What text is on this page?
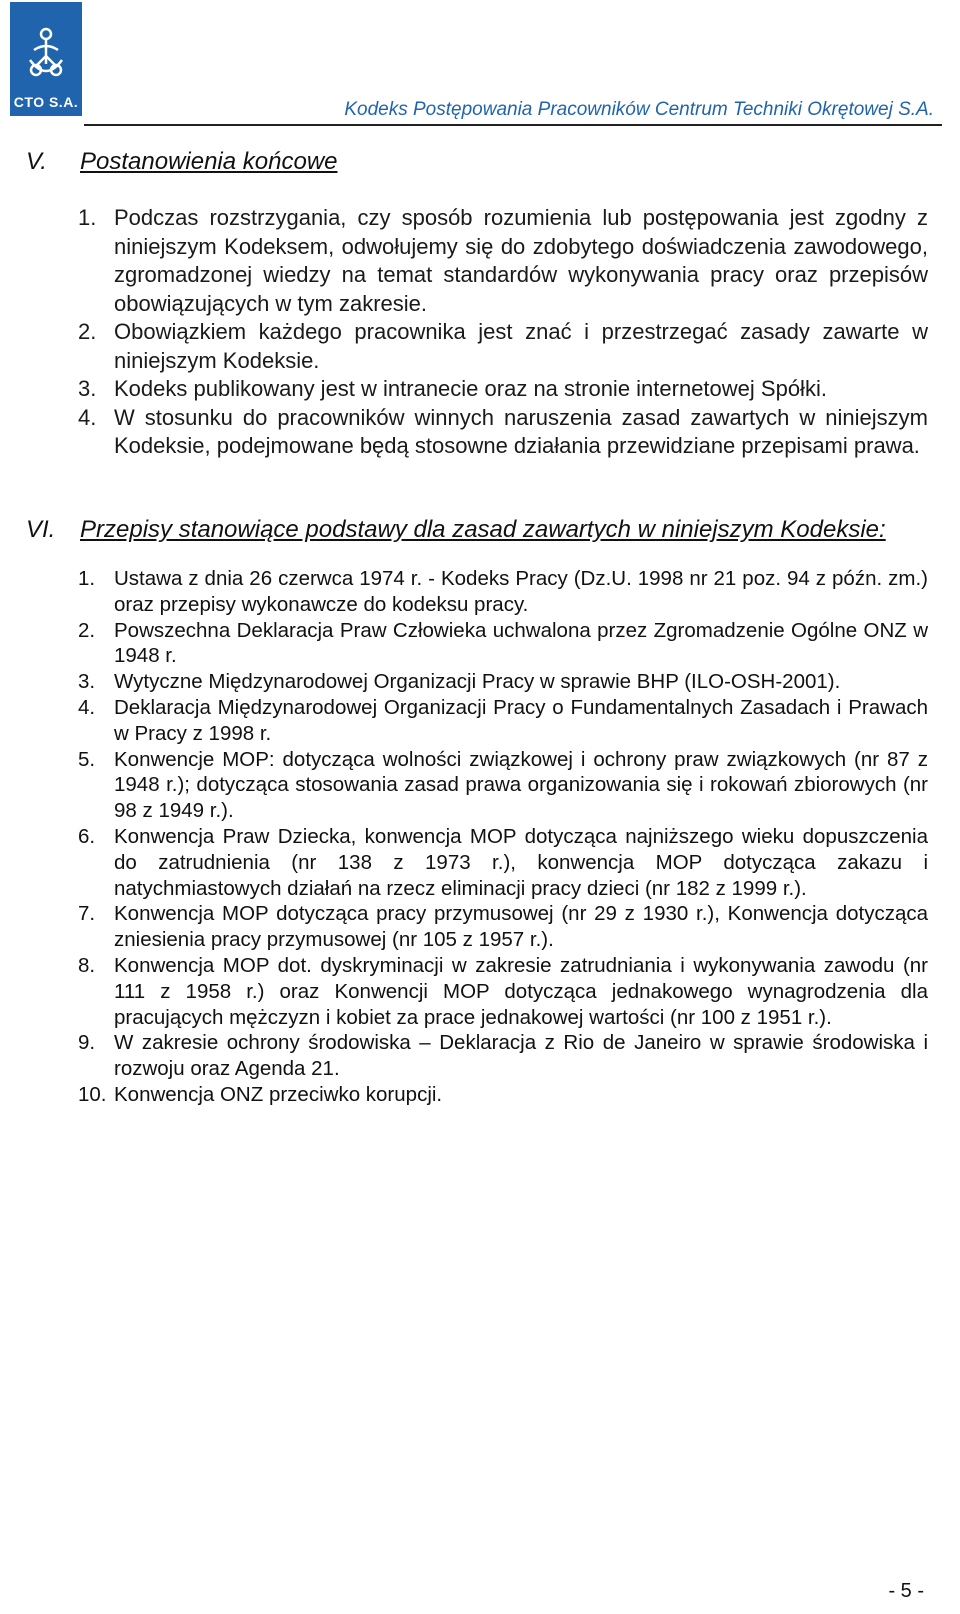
CTO S.A.	Kodeks Postępowania Pracowników Centrum Techniki Okrętowej S.A.
V. Postanowienia końcowe
1. Podczas rozstrzygania, czy sposób rozumienia lub postępowania jest zgodny z niniejszym Kodeksem, odwołujemy się do zdobytego doświadczenia zawodowego, zgromadzonej wiedzy na temat standardów wykonywania pracy oraz przepisów obowiązujących w tym zakresie.
2. Obowiązkiem każdego pracownika jest znać i przestrzegać zasady zawarte w niniejszym Kodeksie.
3. Kodeks publikowany jest w intranecie oraz na stronie internetowej Spółki.
4. W stosunku do pracowników winnych naruszenia zasad zawartych w niniejszym Kodeksie, podejmowane będą stosowne działania przewidziane przepisami prawa.
VI. Przepisy stanowiące podstawy dla zasad zawartych w niniejszym Kodeksie:
1. Ustawa z dnia 26 czerwca 1974 r. - Kodeks Pracy (Dz.U. 1998 nr 21 poz. 94 z późn. zm.) oraz przepisy wykonawcze do kodeksu pracy.
2. Powszechna Deklaracja Praw Człowieka uchwalona przez Zgromadzenie Ogólne ONZ w 1948 r.
3. Wytyczne Międzynarodowej Organizacji Pracy w sprawie BHP (ILO-OSH-2001).
4. Deklaracja Międzynarodowej Organizacji Pracy o Fundamentalnych Zasadach i Prawach w Pracy z 1998 r.
5. Konwencje MOP: dotycząca wolności związkowej i ochrony praw związkowych (nr 87 z 1948 r.); dotycząca stosowania zasad prawa organizowania się i rokowań zbiorowych (nr 98 z 1949 r.).
6. Konwencja Praw Dziecka, konwencja MOP dotycząca najniższego wieku dopuszczenia do zatrudnienia (nr 138 z 1973 r.), konwencja MOP dotycząca zakazu i natychmiastowych działań na rzecz eliminacji pracy dzieci (nr 182 z 1999 r.).
7. Konwencja MOP dotycząca pracy przymusowej (nr 29 z 1930 r.), Konwencja dotycząca zniesienia pracy przymusowej (nr 105 z 1957 r.).
8. Konwencja MOP dot. dyskryminacji w zakresie zatrudniania i wykonywania zawodu (nr 111 z 1958 r.) oraz Konwencji MOP dotycząca jednakowego wynagrodzenia dla pracujących mężczyzn i kobiet za prace jednakowej wartości (nr 100 z 1951 r.).
9. W zakresie ochrony środowiska – Deklaracja z Rio de Janeiro w sprawie środowiska i rozwoju oraz Agenda 21.
10. Konwencja ONZ przeciwko korupcji.
- 5 -
